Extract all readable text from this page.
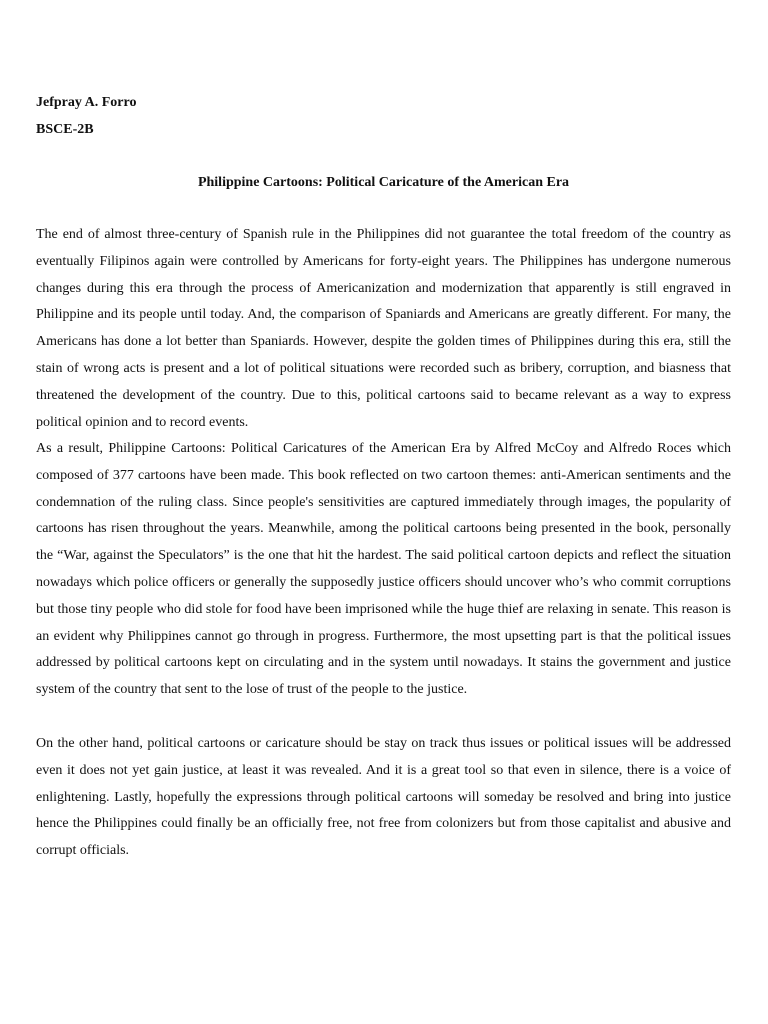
Jefpray A. Forro
BSCE-2B
Philippine Cartoons: Political Caricature of the American Era

The end of almost three-century of Spanish rule in the Philippines did not guarantee the total freedom of the country as eventually Filipinos again were controlled by Americans for forty-eight years. The Philippines has undergone numerous changes during this era through the process of Americanization and modernization that apparently is still engraved in Philippine and its people until today. And, the comparison of Spaniards and Americans are greatly different. For many, the Americans has done a lot better than Spaniards. However, despite the golden times of Philippines during this era, still the stain of wrong acts is present and a lot of political situations were recorded such as bribery, corruption, and biasness that threatened the development of the country. Due to this, political cartoons said to became relevant as a way to express political opinion and to record events.

As a result, Philippine Cartoons: Political Caricatures of the American Era by Alfred McCoy and Alfredo Roces which composed of 377 cartoons have been made. This book reflected on two cartoon themes: anti-American sentiments and the condemnation of the ruling class. Since people's sensitivities are captured immediately through images, the popularity of cartoons has risen throughout the years. Meanwhile, among the political cartoons being presented in the book, personally the “War, against the Speculators” is the one that hit the hardest. The said political cartoon depicts and reflect the situation nowadays which police officers or generally the supposedly justice officers should uncover who’s who commit corruptions but those tiny people who did stole for food have been imprisoned while the huge thief are relaxing in senate. This reason is an evident why Philippines cannot go through in progress. Furthermore, the most upsetting part is that the political issues addressed by political cartoons kept on circulating and in the system until nowadays. It stains the government and justice system of the country that sent to the lose of trust of the people to the justice.

On the other hand, political cartoons or caricature should be stay on track thus issues or political issues will be addressed even it does not yet gain justice, at least it was revealed. And it is a great tool so that even in silence, there is a voice of enlightening. Lastly, hopefully the expressions through political cartoons will someday be resolved and bring into justice hence the Philippines could finally be an officially free, not free from colonizers but from those capitalist and abusive and corrupt officials.
